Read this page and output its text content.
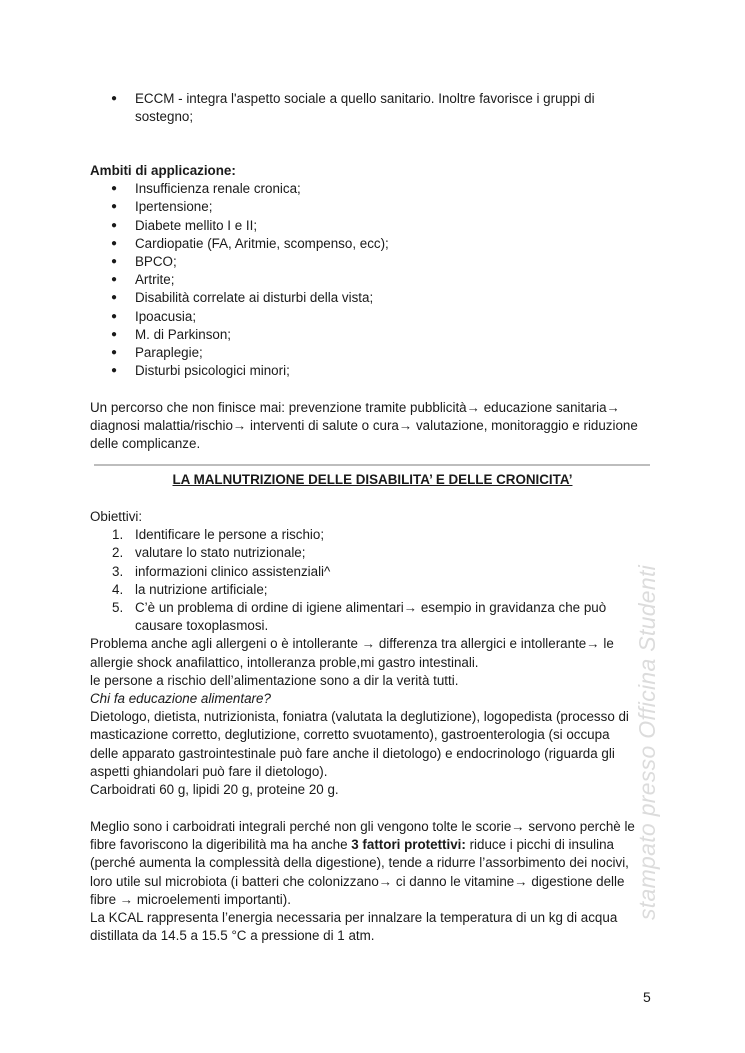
● ECCM - integra l'aspetto sociale a quello sanitario. Inoltre favorisce i gruppi di
sostegno;
Ambiti di applicazione:
● Insufficienza renale cronica;
● Ipertensione;
● Diabete mellito I e II;
● Cardiopatie (FA, Aritmie, scompenso, ecc);
● BPCO;
● Artrite;
● Disabilità correlate ai disturbi della vista;
● Ipoacusia;
● M. di Parkinson;
● Paraplegie;
● Disturbi psicologici minori;
Un percorso che non finisce mai: prevenzione tramite pubblicità→ educazione sanitaria→
diagnosi malattia/rischio→ interventi di salute o cura→ valutazione, monitoraggio e riduzione
delle complicanze.
LA MALNUTRIZIONE DELLE DISABILITA’ E DELLE CRONICITA’
Obiettivi:
1. Identificare le persone a rischio;
2. valutare lo stato nutrizionale;
3. informazioni clinico assistenziali^
4. la nutrizione artificiale;
5. C’è un problema di ordine di igiene alimentari→ esempio in gravidanza che può
causare toxoplasmosi.
Problema anche agli allergeni o è intollerante → differenza tra allergici e intollerante→ le
allergie shock anafilattico, intolleranza proble,mi gastro intestinali.
le persone a rischio dell’alimentazione sono a dir la verità tutti.
Chi fa educazione alimentare?
Dietologo, dietista, nutrizionista, foniatra (valutata la deglutizione), logopedista (processo di
masticazione corretto, deglutizione, corretto svuotamento), gastroenterologia (si occupa
delle apparato gastrointestinale può fare anche il dietologo) e endocrinologo (riguarda gli
aspetti ghiandolari può fare il dietologo).
Carboidrati 60 g, lipidi 20 g, proteine 20 g.
Meglio sono i carboidrati integrali perché non gli vengono tolte le scorie→ servono perchè le
fibre favoriscono la digeribilità ma ha anche 3 fattori protettivi: riduce i picchi di insulina
(perché aumenta la complessità della digestione), tende a ridurre l’assorbimento dei nocivi,
loro utile sul microbiota (i batteri che colonizzano→ ci danno le vitamine→ digestione delle
fibre → microelementi importanti).
La KCAL rappresenta l’energia necessaria per innalzare la temperatura di un kg di acqua
distillata da 14.5 a 15.5 °C a pressione di 1 atm.
stampato presso Officina Studenti
5
